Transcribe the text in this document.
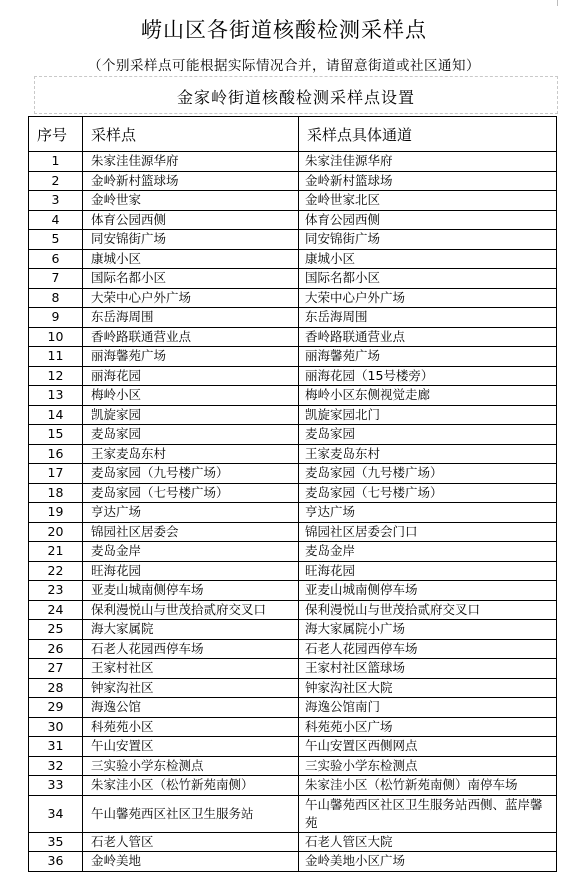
崂山区各街道核酸检测采样点
（个别采样点可能根据实际情况合并，请留意街道或社区通知）
金家岭街道核酸检测采样点设置
序号	采样点	采样点具体通道
1	朱家洼佳源华府	朱家洼佳源华府
2	金岭新村篮球场	金岭新村篮球场
3	金岭世家	金岭世家北区
4	体育公园西侧	体育公园西侧
5	同安锦街广场	同安锦街广场
6	康城小区	康城小区
7	国际名都小区	国际名都小区
8	大荣中心户外广场	大荣中心户外广场
9	东岳海周围	东岳海周围
10	香岭路联通营业点	香岭路联通营业点
11	丽海馨苑广场	丽海馨苑广场
12	丽海花园	丽海花园（15号楼旁）
13	梅岭小区	梅岭小区东侧视觉走廊
14	凯旋家园	凯旋家园北门
15	麦岛家园	麦岛家园
16	王家麦岛东村	王家麦岛东村
17	麦岛家园（九号楼广场）	麦岛家园（九号楼广场）
18	麦岛家园（七号楼广场）	麦岛家园（七号楼广场）
19	亨达广场	亨达广场
20	锦园社区居委会	锦园社区居委会门口
21	麦岛金岸	麦岛金岸
22	旺海花园	旺海花园
23	亚麦山城南侧停车场	亚麦山城南侧停车场
24	保利漫悦山与世茂拾贰府交叉口	保利漫悦山与世茂拾贰府交叉口
25	海大家属院	海大家属院小广场
26	石老人花园西停车场	石老人花园西停车场
27	王家村社区	王家村社区篮球场
28	钟家沟社区	钟家沟社区大院
29	海逸公馆	海逸公馆南门
30	科苑苑小区	科苑苑小区广场
31	午山安置区	午山安置区西侧网点
32	三实验小学东检测点	三实验小学东检测点
33	朱家洼小区（松竹新苑南侧）	朱家洼小区（松竹新苑南侧）南停车场
34	午山馨苑西区社区卫生服务站	午山馨苑西区社区卫生服务站西侧、蓝岸馨苑
35	石老人管区	石老人管区大院
36	金岭美地	金岭美地小区广场
